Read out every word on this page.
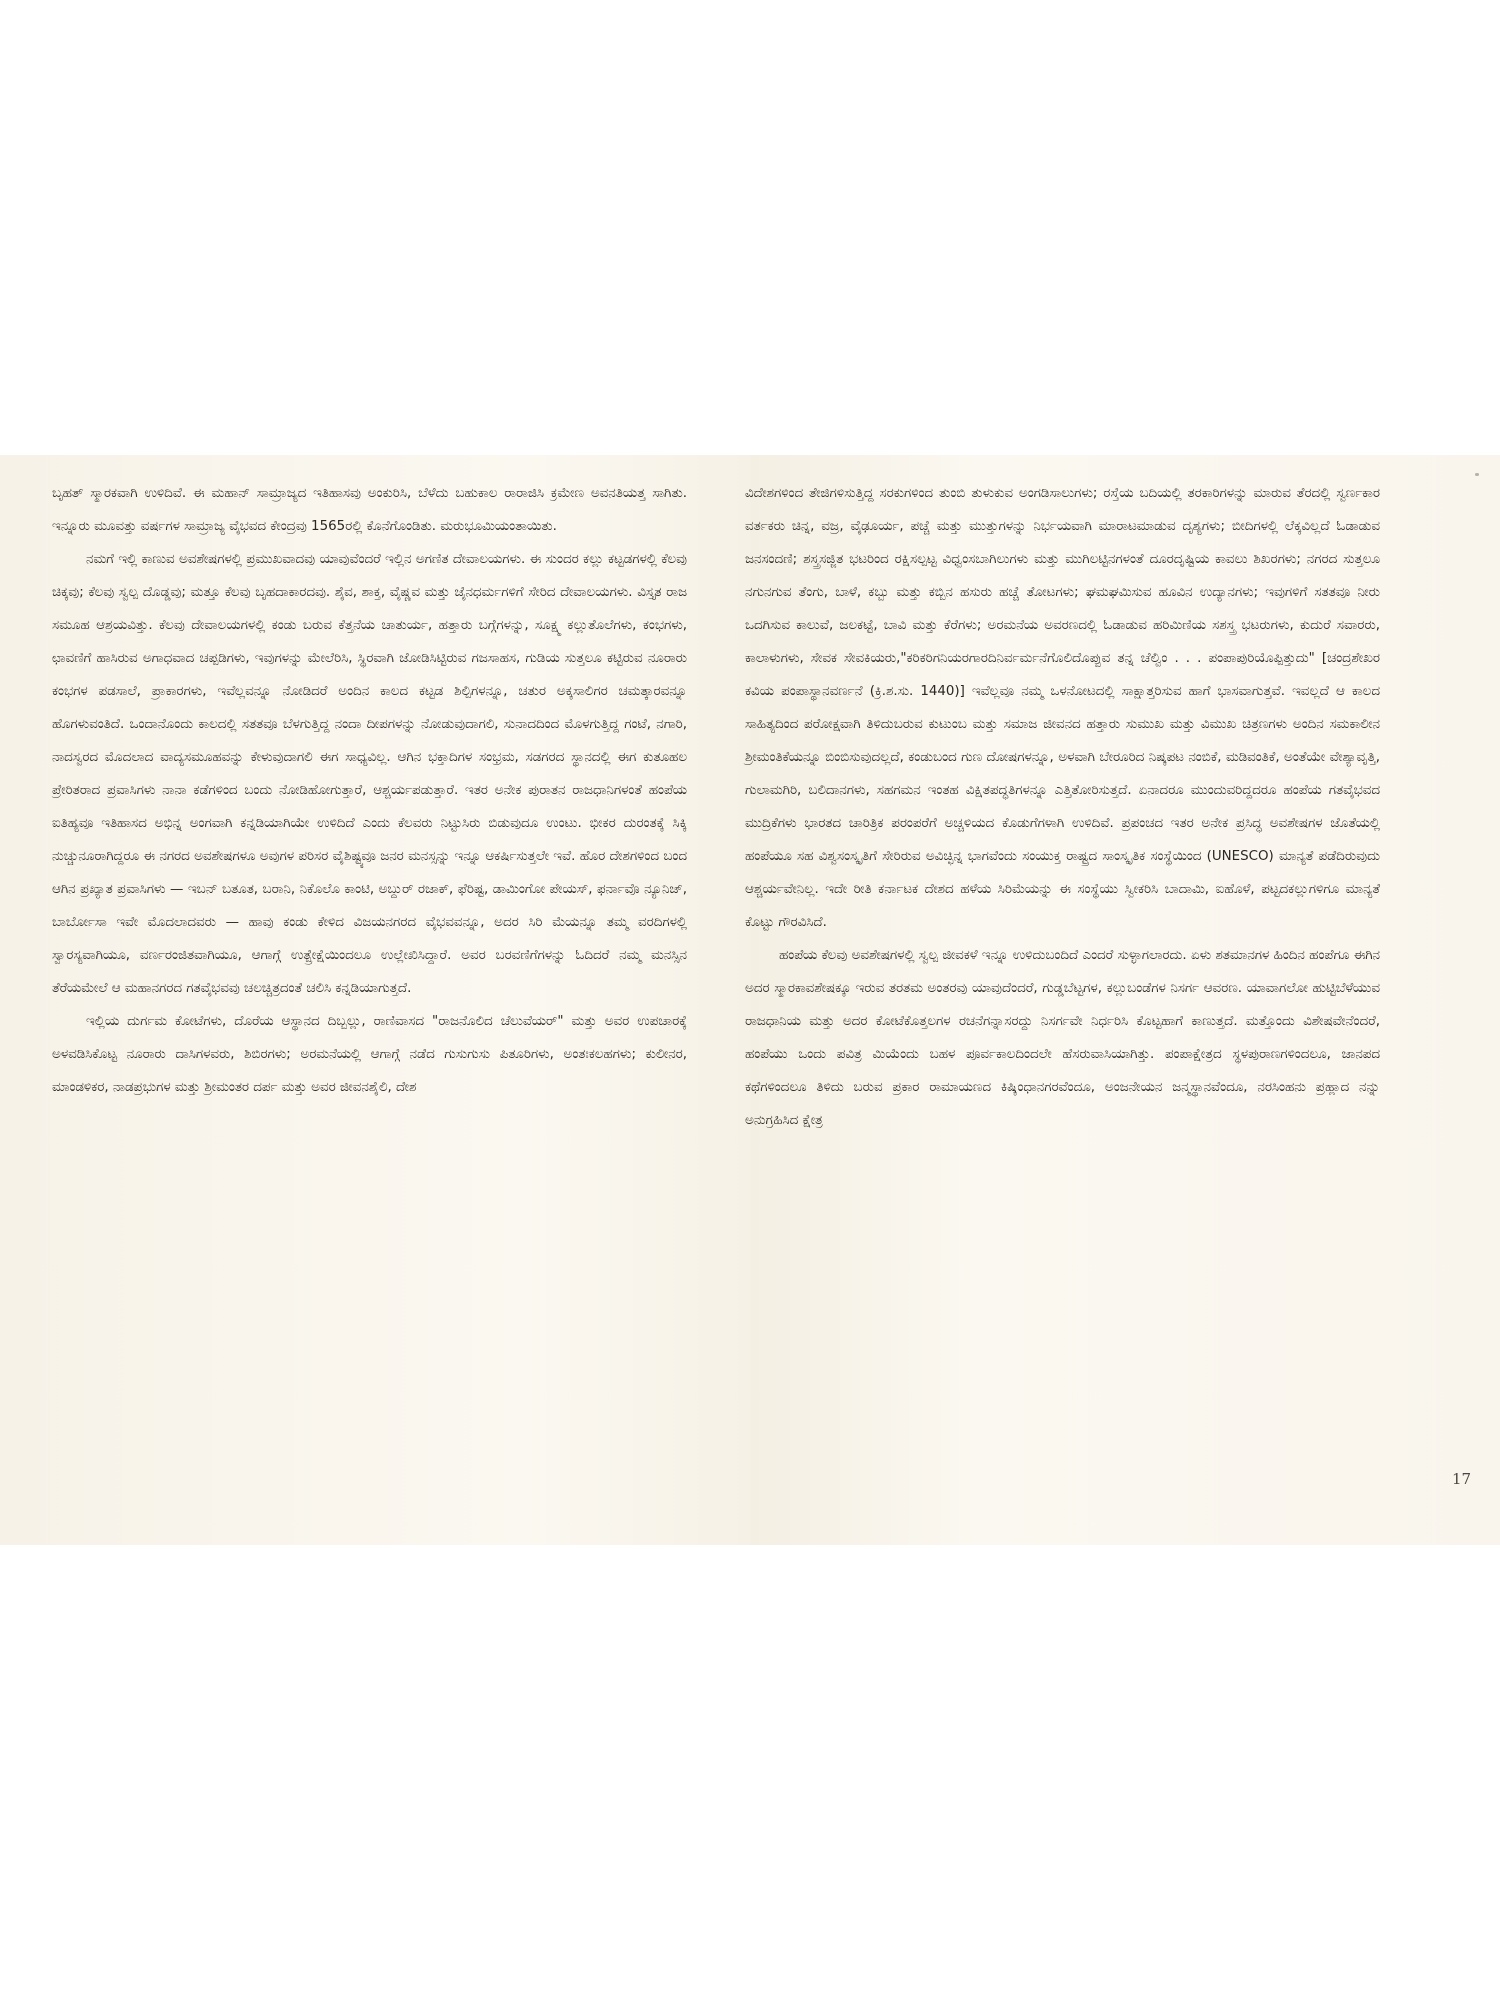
ಬೃಹತ್ ಸ್ಮಾರಕವಾಗಿ ಉಳಿದಿವೆ. ಈ ಮಹಾನ್ ಸಾಮ್ರಾಜ್ಯದ ಇತಿಹಾಸವು ಅಂಕುರಿಸಿ, ಬೆಳೆದು ಬಹುಕಾಲ ರಾರಾಜಿಸಿ ಕ್ರಮೇಣ ಅವನತಿಯತ್ತ ಸಾಗಿತು. ಇನ್ನೂರು ಮೂವತ್ತು ವರ್ಷಗಳ ಸಾಮ್ರಾಜ್ಯ ವೈಭವದ ಕೇಂದ್ರವು 1565ರಲ್ಲಿ ಕೊನೆಗೊಂಡಿತು. ಮರುಭೂಮಿಯಂತಾಯಿತು.

ನಮಗೆ ಇಲ್ಲಿ ಕಾಣುವ ಅವಶೇಷಗಳಲ್ಲಿ ಪ್ರಮುಖವಾದವು ಯಾವುವೆಂದರೆ ಇಲ್ಲಿನ ಅಗಣಿತ ದೇವಾಲಯಗಳು. ಈ ಸುಂದರ ಕಲ್ಲು ಕಟ್ಟಡಗಳಲ್ಲಿ ಕೆಲವು ಚಿಕ್ಕವು; ಕೆಲವು ಸ್ವಲ್ಪ ದೊಡ್ಡವು; ಮತ್ತೂ ಕೆಲವು ಬೃಹದಾಕಾರದವು. ಶೈವ, ಶಾಕ್ತ, ವೈಷ್ಣವ ಮತ್ತು ಜೈನಧರ್ಮಗಳಿಗೆ ಸೇರಿದ ದೇವಾಲಯಗಳು. ವಿಸ್ತೃತ ರಾಜ ಸಮೂಹ ಆಶ್ರಯವಿತ್ತು. ಕೆಲವು ದೇವಾಲಯಗಳಲ್ಲಿ ಕಂಡು ಬರುವ ಕೆತ್ತನೆಯ ಚಾತುರ್ಯ, ಹತ್ತಾರು ಬಗ್ಗೆಗಳನ್ನು, ಸೂಕ್ಷ್ಮ ಕಲ್ಲುತೊಲೆಗಳು, ಕಂಭಗಳು, ಛಾವಣಿಗೆ ಹಾಸಿರುವ ಅಗಾಧವಾದ ಚಪ್ಪಡಿಗಳು, ಇವುಗಳನ್ನು ಮೇಲೆರಿಸಿ, ಸ್ಥಿರವಾಗಿ ಜೋಡಿಸಿಟ್ಟಿರುವ ಗಜಸಾಹಸ, ಗುಡಿಯ ಸುತ್ತಲೂ ಕಟ್ಟಿರುವ ನೂರಾರು ಕಂಭಗಳ ಪಡಸಾಲೆ, ಪ್ರಾಕಾರಗಳು, ಇವೆಲ್ಲವನ್ನೂ ನೋಡಿದರೆ ಅಂದಿನ ಕಾಲದ ಕಟ್ಟಡ ಶಿಲ್ಪಿಗಳನ್ನೂ, ಚತುರ ಅಕ್ಕಸಾಲಿಗರ ಚಮತ್ಕಾರವನ್ನೂ ಹೊಗಳುವಂತಿದೆ. ಒಂದಾನೊಂದು ಕಾಲದಲ್ಲಿ ಸತತವೂ ಬೆಳಗುತ್ತಿದ್ದ ನಂದಾ ದೀಪಗಳನ್ನು ನೋಡುವುದಾಗಲಿ, ಸುನಾದದಿಂದ ಮೊಳಗುತ್ತಿದ್ದ ಗಂಟೆ, ನಗಾರಿ, ನಾದಸ್ವರದ ಮೊದಲಾದ ವಾದ್ಯಸಮೂಹವನ್ನು ಕೇಳುವುದಾಗಲಿ ಈಗ ಸಾಧ್ಯವಿಲ್ಲ. ಆಗಿನ ಭಕ್ತಾದಿಗಳ ಸಂಭ್ರಮ, ಸಡಗರದ ಸ್ಥಾನದಲ್ಲಿ ಈಗ ಕುತೂಹಲ ಪ್ರೇರಿತರಾದ ಪ್ರವಾಸಿಗಳು ನಾನಾ ಕಡೆಗಳಿಂದ ಬಂದು ನೋಡಿಹೋಗುತ್ತಾರೆ, ಆಶ್ಚರ್ಯಪಡುತ್ತಾರೆ. ಇತರ ಅನೇಕ ಪುರಾತನ ರಾಜಧಾನಿಗಳಂತೆ ಹಂಪೆಯ ಐತಿಹ್ಯವೂ ಇತಿಹಾಸದ ಅಭಿನ್ನ ಅಂಗವಾಗಿ ಕನ್ನಡಿಯಾಗಿಯೇ ಉಳಿದಿದೆ ಎಂದು ಕೆಲವರು ನಿಟ್ಟುಸಿರು ಬಿಡುವುದೂ ಉಂಟು. ಭೀಕರ ದುರಂತಕ್ಕೆ ಸಿಕ್ಕಿ ನುಚ್ಚುನೂರಾಗಿದ್ದರೂ ಈ ನಗರದ ಅವಶೇಷಗಳೂ ಅವುಗಳ ಪರಿಸರ ವೈಶಿಷ್ಟ್ಯವೂ ಜನರ ಮನಸ್ಸನ್ನು ಇನ್ನೂ ಆಕರ್ಷಿಸುತ್ತಲೇ ಇವೆ. ಹೊರ ದೇಶಗಳಿಂದ ಬಂದ ಆಗಿನ ಪ್ರಖ್ಯಾತ ಪ್ರವಾಸಿಗಳು — ಇಬನ್ ಬತೂತ, ಬರಾನಿ, ನಿಕೊಲೊ ಕಾಂಟಿ, ಅಬ್ದುರ್ ರಜಾಕ್, ಫೆರಿಷ್ಟ, ಡಾಮಿಂಗೋ ಪೇಯಸ್, ಫರ್ನಾವೊ ನ್ಯೂನಿಜ್, ಬಾರ್ಬೋಸಾ ಇವೇ ಮೊದಲಾದವರು — ಹಾವು ಕಂಡು ಕೇಳಿದ ವಿಜಯನಗರದ ವೈಭವವನ್ನೂ, ಅದರ ಸಿರಿ ಮೆಯನ್ನೂ ತಮ್ಮ ವರದಿಗಳಲ್ಲಿ ಸ್ವಾರಸ್ಯವಾಗಿಯೂ, ವರ್ಣರಂಜಿತವಾಗಿಯೂ, ಆಗಾಗ್ಗೆ ಉತ್ಪ್ರೇಕ್ಷೆಯಿಂದಲೂ ಉಲ್ಲೇಖಿಸಿದ್ದಾರೆ. ಅವರ ಬರವಣಿಗೆಗಳನ್ನು ಓದಿದರೆ ನಮ್ಮ ಮನಸ್ಸಿನ ತೆರೆಯಮೇಲೆ ಆ ಮಹಾನಗರದ ಗತವೈಭವವು ಚಲಚ್ಚಿತ್ರದಂತೆ ಚಲಿಸಿ ಕನ್ನಡಿಯಾಗುತ್ತದೆ.

ಇಲ್ಲಿಯ ದುರ್ಗಮ ಕೋಟೆಗಳು, ದೊರೆಯ ಆಸ್ಥಾನದ ದಿಬ್ಬಲ್ಲು, ರಾಣಿವಾಸದ "ರಾಜನೊಲಿದ ಚೆಲುವೆಯರ್" ಮತ್ತು ಅವರ ಉಪಚಾರಕ್ಕೆ ಅಳವಡಿಸಿಕೊಟ್ಟ ನೂರಾರು ದಾಸಿಗಳವರು, ಶಿಬಿರಗಳು; ಅರಮನೆಯಲ್ಲಿ ಆಗಾಗ್ಗೆ ನಡೆದ ಗುಸುಗುಸು ಪಿತೂರಿಗಳು, ಅಂತಃಕಲಹಗಳು; ಕುಲೀನರ, ಮಾಂಡಳಿಕರ, ನಾಡಪ್ರಭುಗಳ ಮತ್ತು ಶ್ರೀಮಂತರ ದರ್ಪ ಮತ್ತು ಅವರ ಜೀವನಶೈಲಿ, ದೇಶ

ವಿದೇಶಗಳಿಂದ ತೇಜಿಗಳಿಸುತ್ತಿದ್ದ ಸರಕುಗಳಿಂದ ತುಂಬಿ ತುಳುಕುವ ಅಂಗಡಿಸಾಲುಗಳು; ರಸ್ತೆಯ ಬದಿಯಲ್ಲಿ ತರಕಾರಿಗಳನ್ನು ಮಾರುವ ತೆರದಲ್ಲಿ ಸ್ವರ್ಣಕಾರ ವರ್ತಕರು ಚಿನ್ನ, ವಜ್ರ, ವೈಢೂರ್ಯ, ಪಚ್ಚೆ ಮತ್ತು ಮುತ್ತುಗಳನ್ನು ನಿರ್ಭಯವಾಗಿ ಮಾರಾಟಮಾಡುವ ದೃಶ್ಯಗಳು; ಬೀದಿಗಳಲ್ಲಿ ಲೆಕ್ಕವಿಲ್ಲದೆ ಓಡಾಡುವ ಜನಸಂದಣಿ; ಶಸ್ತ್ರಸಜ್ಜಿತ ಭಟರಿಂದ ರಕ್ಷಿಸಲ್ಪಟ್ಟ ವಿಧ್ವಂಸಬಾಗಿಲುಗಳು ಮತ್ತು ಮುಗಿಲಟ್ಟಿನಗಳಂತೆ ದೂರದೃಷ್ಟಿಯ ಕಾವಲು ಶಿಖರಗಳು; ನಗರದ ಸುತ್ತಲೂ ನಗುನಗುವ ತೆಂಗು, ಬಾಳೆ, ಕಬ್ಬು ಮತ್ತು ಕಬ್ಬಿನ ಹಸುರು ಹಚ್ಚೆ ತೋಟಗಳು; ಘಮಘಮಿಸುವ ಹೂವಿನ ಉದ್ಯಾನಗಳು; ಇವುಗಳಿಗೆ ಸತತವೂ ನೀರು ಒದಗಿಸುವ ಕಾಲುವೆ, ಜಲಕಟ್ಟೆ, ಬಾವಿ ಮತ್ತು ಕೆರೆಗಳು; ಅರಮನೆಯ ಅವರಣದಲ್ಲಿ ಓಡಾಡುವ ಹರಿಮಿಣಿಯ ಸಶಸ್ತ್ರ ಭಟರುಗಳು, ಕುದುರೆ ಸವಾರರು, ಕಾಲಾಳುಗಳು, ಸೇವಕ ಸೇವಕಿಯರು,"ಕರಿಕರಿಗನಿಯರಗಾರದಿನಿರ್ವರ್ಮನೆಗೊಲಿದೊಪ್ಪುವ ತನ್ನ ಚೆಲ್ವಿಂ . . . ಪಂಪಾಪುರಿಯೊಪ್ಪಿತ್ತುದು" [ಚಂದ್ರಶೇಖರ ಕವಿಯ ಪಂಪಾಸ್ಥಾನವರ್ಣನೆ (ಕ್ರಿ.ಶ.ಸು. 1440)] ಇವೆಲ್ಲವೂ ನಮ್ಮ ಒಳನೋಟದಲ್ಲಿ ಸಾಕ್ಷಾತ್ತರಿಸುವ ಹಾಗೆ ಭಾಸವಾಗುತ್ತವೆ. ಇವಲ್ಲದೆ ಆ ಕಾಲದ ಸಾಹಿತ್ಯದಿಂದ ಪರೋಕ್ಷವಾಗಿ ತಿಳಿದುಬರುವ ಕುಟುಂಬ ಮತ್ತು ಸಮಾಜ ಜೀವನದ ಹತ್ತಾರು ಸುಮುಖ ಮತ್ತು ವಿಮುಖ ಚಿತ್ರಣಗಳು ಅಂದಿನ ಸಮಕಾಲೀನ ಶ್ರೀಮಂತಿಕೆಯನ್ನೂ ಬಿಂಬಿಸುವುದಲ್ಲದೆ, ಕಂಡುಬಂದ ಗುಣ ದೋಷಗಳನ್ನೂ, ಅಳವಾಗಿ ಬೇರೂರಿದ ನಿಷ್ಕಪಟ ನಂಬಿಕೆ, ಮಡಿವಂತಿಕೆ, ಅಂತೆಯೇ ವೇಶ್ಯಾವೃತ್ತಿ, ಗುಲಾಮಗಿರಿ, ಬಲಿದಾನಗಳು, ಸಹಗಮನ ಇಂತಹ ವಿಕ್ಷಿತಪದ್ಧತಿಗಳನ್ನೂ ಎತ್ತಿತೋರಿಸುತ್ತದೆ. ಏನಾದರೂ ಮುಂದುವರಿದ್ದದರೂ ಹಂಪೆಯ ಗತವೈಭವದ ಮುದ್ರಿಕೆಗಳು ಭಾರತದ ಚಾರಿತ್ರಿಕ ಪರಂಪರೆಗೆ ಅಚ್ಚಳಿಯದ ಕೊಡುಗೆಗಳಾಗಿ ಉಳಿದಿವೆ. ಪ್ರಪಂಚದ ಇತರ ಅನೇಕ ಪ್ರಸಿದ್ಧ ಅವಶೇಷಗಳ ಜೊತೆಯಲ್ಲಿ ಹಂಪೆಯೂ ಸಹ ವಿಶ್ವಸಂಸ್ಕೃತಿಗೆ ಸೇರಿರುವ ಅವಿಚ್ಛಿನ್ನ ಭಾಗವೆಂದು ಸಂಯುಕ್ತ ರಾಷ್ಟ್ರದ ಸಾಂಸ್ಕೃತಿಕ ಸಂಸ್ಥೆಯಿಂದ (UNESCO) ಮಾನ್ಯತೆ ಪಡೆದಿರುವುದು ಆಶ್ಚರ್ಯವೇನಿಲ್ಲ. ಇದೇ ರೀತಿ ಕರ್ನಾಟಕ ದೇಶದ ಹಳೆಯ ಸಿರಿಮೆಯನ್ನು ಈ ಸಂಸ್ಥೆಯು ಸ್ವೀಕರಿಸಿ ಬಾದಾಮಿ, ಐಹೊಳೆ, ಪಟ್ಟದಕಲ್ಲುಗಳಿಗೂ ಮಾನ್ಯತೆ ಕೊಟ್ಟು ಗೌರವಿಸಿದೆ.

ಹಂಪೆಯ ಕೆಲವು ಅವಶೇಷಗಳಲ್ಲಿ ಸ್ವಲ್ಪ ಜೀವಕಳೆ ಇನ್ನೂ ಉಳಿದುಬಂದಿದೆ ಎಂದರೆ ಸುಳ್ಳಾಗಲಾರದು. ಏಳು ಶತಮಾನಗಳ ಹಿಂದಿನ ಹಂಪೆಗೂ ಈಗಿನ ಅದರ ಸ್ಮಾರಕಾವಶೇಷಕ್ಕೂ ಇರುವ ತರತಮ ಅಂತರವು ಯಾವುದೆಂದರೆ, ಗುಡ್ಡಬೆಟ್ಟಗಳ, ಕಲ್ಲುಬಂಡೆಗಳ ನಿಸರ್ಗ ಆವರಣ. ಯಾವಾಗಲೋ ಹುಟ್ಟಿಬೆಳೆಯುವ ರಾಜಧಾನಿಯ ಮತ್ತು ಅದರ ಕೋಟೆಕೊತ್ತಲಗಳ ರಚನೆಗನ್ನಾಸರದ್ದು ನಿಸರ್ಗವೇ ನಿರ್ಧರಿಸಿ ಕೊಟ್ಟಹಾಗೆ ಕಾಣುತ್ತದೆ. ಮತ್ತೊಂದು ವಿಶೇಷವೇನೆಂದರೆ, ಹಂಪೆಯು ಒಂದು ಪವಿತ್ರ ಮಿಯೆಂದು ಬಹಳ ಪೂರ್ವಕಾಲದಿಂದಲೇ ಹೆಸರುವಾಸಿಯಾಗಿತ್ತು. ಪಂಪಾಕ್ಷೇತ್ರದ ಸ್ಥಳಪುರಾಣಗಳಿಂದಲೂ, ಜಾನಪದ ಕಥೆಗಳಿಂದಲೂ ತಿಳಿದು ಬರುವ ಪ್ರಕಾರ ರಾಮಾಯಣದ ಕಿಷ್ಕಿಂಧಾನಗರವೆಂದೂ, ಅಂಜನೇಯನ ಜನ್ಮಸ್ಥಾನವೆಂದೂ, ನರಸಿಂಹನು ಪ್ರಹ್ಲಾದ ನನ್ನು ಅನುಗ್ರಹಿಸಿದ ಕ್ಷೇತ್ರ

17
